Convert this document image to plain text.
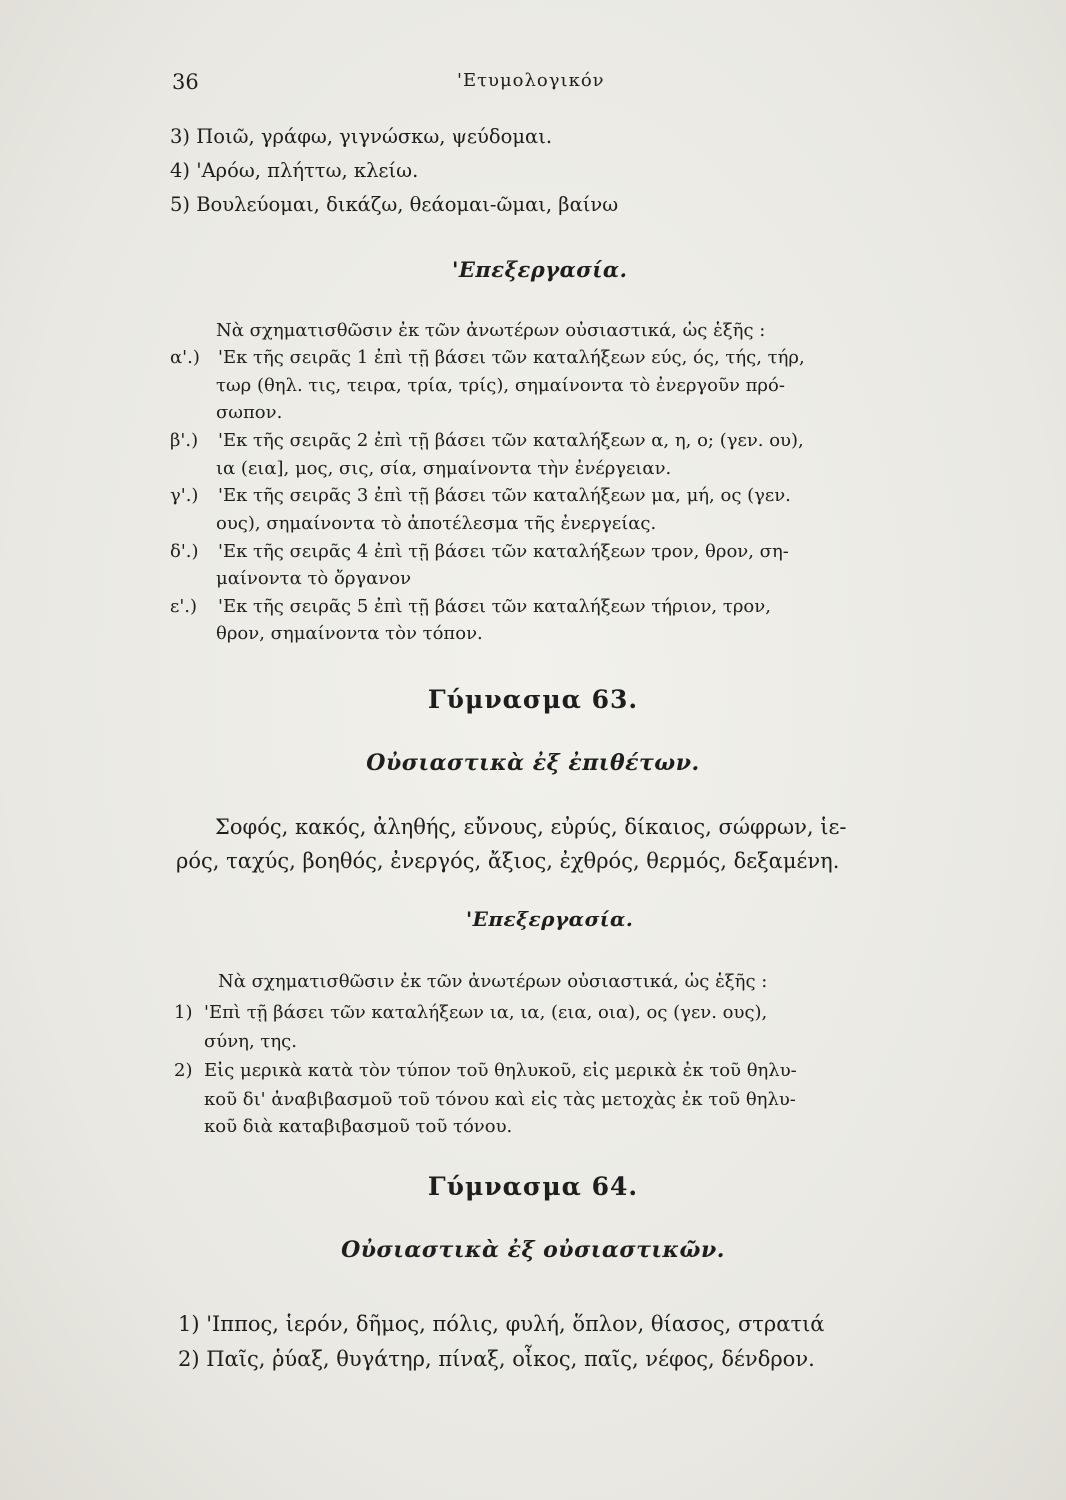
36	'Ετυμολογικόν
3) Ποιῶ, γράφω, γιγνώσκω, ψεύδομαι.
4) 'Αρόω, πλήττω, κλείω.
5) Βουλεύομαι, δικάζω, θεάομαι-ῶμαι, βαίνω
'Επεξεργασία.
Νὰ σχηματισθῶσιν ἐκ τῶν ἀνωτέρων οὐσιαστικά, ὡς ἑξῆς :
α'.) 'Εκ τῆς σειρᾶς 1 ἐπὶ τῇ βάσει τῶν καταλήξεων εύς, ός, τής, τήρ,
τωρ (θηλ. τις, τειρα, τρία, τρίς), σημαίνοντα τὸ ἐνεργοῦν πρό-
σωπον.
β'.) 'Εκ τῆς σειρᾶς 2 ἐπὶ τῇ βάσει τῶν καταλήξεων α, η, ο; (γεν. ου),
ια (εια], μος, σις, σία, σημαίνοντα τὴν ἐνέργειαν.
γ'.) 'Εκ τῆς σειρᾶς 3 ἐπὶ τῇ βάσει τῶν καταλήξεων μα, μή, ος (γεν.
ους), σημαίνοντα τὸ ἀποτέλεσμα τῆς ἐνεργείας.
δ'.) 'Εκ τῆς σειρᾶς 4 ἐπὶ τῇ βάσει τῶν καταλήξεων τρον, θρον, ση-
μαίνοντα τὸ ὄργανον
ε'.) 'Εκ τῆς σειρᾶς 5 ἐπὶ τῇ βάσει τῶν καταλήξεων τήριον, τρον,
θρον, σημαίνοντα τὸν τόπον.
Γύμνασμα 63.
Οὐσιαστικὰ ἐξ ἐπιθέτων.
Σοφός, κακός, ἀληθής, εὔνους, εὐρύς, δίκαιος, σώφρων, ἱε-
ρός, ταχύς, βοηθός, ἐνεργός, ἄξιος, ἐχθρός, θερμός, δεξαμένη.
'Επεξεργασία.
Νὰ σχηματισθῶσιν ἐκ τῶν ἀνωτέρων οὐσιαστικά, ὡς ἑξῆς :
1) 'Επὶ τῇ βάσει τῶν καταλήξεων ια, ια, (εια, οια), ος (γεν. ους),
σύνη, της.
2) Εἰς μερικὰ κατὰ τὸν τύπον τοῦ θηλυκοῦ, εἰς μερικὰ ἐκ τοῦ θηλυ-
κοῦ δι' ἀναβιβασμοῦ τοῦ τόνου καὶ εἰς τὰς μετοχὰς ἐκ τοῦ θηλυ-
κοῦ διὰ καταβιβασμοῦ τοῦ τόνου.
Γύμνασμα 64.
Οὐσιαστικὰ ἐξ οὐσιαστικῶν.
1) 'Ιππος, ἱερόν, δῆμος, πόλις, φυλή, ὅπλον, θίασος, στρατιά
2) Παῖς, ῥύαξ, θυγάτηρ, πίναξ, οἶκος, παῖς, νέφος, δένδρον.
